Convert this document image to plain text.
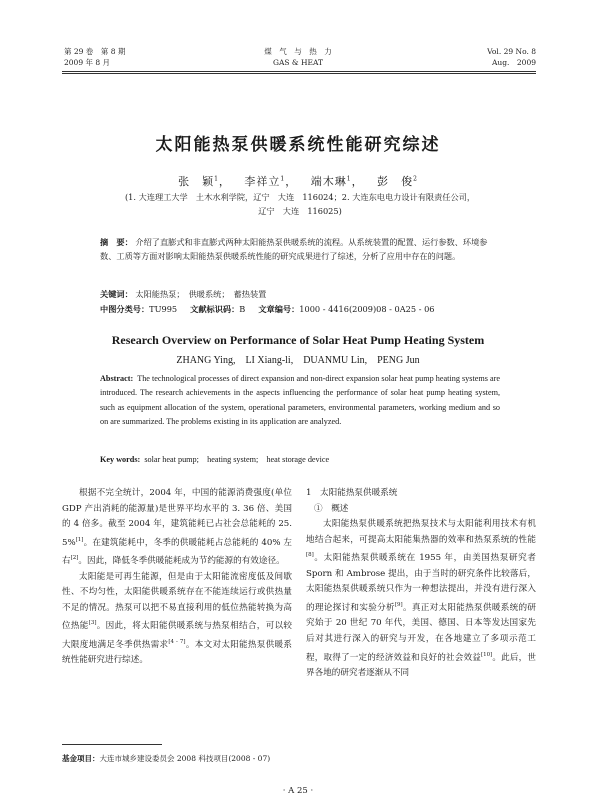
第 29 卷　第 8 期
2009 年 8 月
煤　气　与　热　力
GAS & HEAT
Vol. 29 No. 8
Aug.　2009
太阳能热泵供暖系统性能研究综述
张　颖$^1$，   李祥立$^1$，   端木琳$^1$，   彭　俊$^2$
(1. 大连理工大学　土木水利学院，辽宁　大连　116024；2. 大连东电电力设计有限责任公司，
辽宁　大连　116025)
摘　要： 介绍了直膨式和非直膨式两种太阳能热泵供暖系统的流程。从系统装置的配置、运行参数、环境参数、工质等方面对影响太阳能热泵供暖系统性能的研究成果进行了综述，分析了应用中存在的问题。
关键词： 太阳能热泵；　供暖系统；　蓄热装置
中图分类号：TU995 文献标识码：B 文章编号：1000 - 4416(2009)08 - 0A25 - 06
Research Overview on Performance of Solar Heat Pump Heating System
ZHANG Ying,　LI Xiang-li,　DUANMU Lin,　PENG Jun
Abstract: The technological processes of direct expansion and non-direct expansion solar heat pump heating systems are introduced. The research achievements in the aspects influencing the performance of solar heat pump heating system, such as equipment allocation of the system, operational parameters, environmental parameters, working medium and so on are summarized. The problems existing in its application are analyzed.
Key words: solar heat pump;　heating system;　heat storage device

根据不完全统计，2004 年，中国的能源消费强度(单位 GDP 产出消耗的能源量)是世界平均水平的 3. 36 倍、美国的 4 倍多。截至 2004 年，建筑能耗已占社会总能耗的 25. 5%[1]。在建筑能耗中，冬季的供暖能耗占总能耗的 40% 左右[2]。因此，降低冬季供暖能耗成为节约能源的有效途径。

太阳能是可再生能源，但是由于太阳能流密度低及间歇性、不均匀性，太阳能供暖系统存在不能连续运行或供热量不足的情况。热泵可以把不易直接利用的低位热能转换为高位热能[3]。因此，将太阳能供暖系统与热泵相结合，可以较大限度地满足冬季供热需求[4 - 7]。本文对太阳能热泵供暖系统性能研究进行综述。

1　太阳能热泵供暖系统

①　概述

太阳能热泵供暖系统把热泵技术与太阳能利用技术有机地结合起来，可提高太阳能集热器的效率和热泵系统的性能[8]。太阳能热泵供暖系统在 1955 年，由美国热泵研究者 Sporn 和 Ambrose 提出，由于当时的研究条件比较落后，太阳能热泵供暖系统只作为一种想法提出，并没有进行深入的理论探讨和实验分析[9]。真正对太阳能热泵供暖系统的研究始于 20 世纪 70 年代，美国、德国、日本等发达国家先后对其进行深入的研究与开发，在各地建立了多项示范工程，取得了一定的经济效益和良好的社会效益[10]。此后，世界各地的研究者逐渐从不同

基金项目：大连市城乡建设委员会 2008 科技项目(2008 - 07)
· A 25 ·
